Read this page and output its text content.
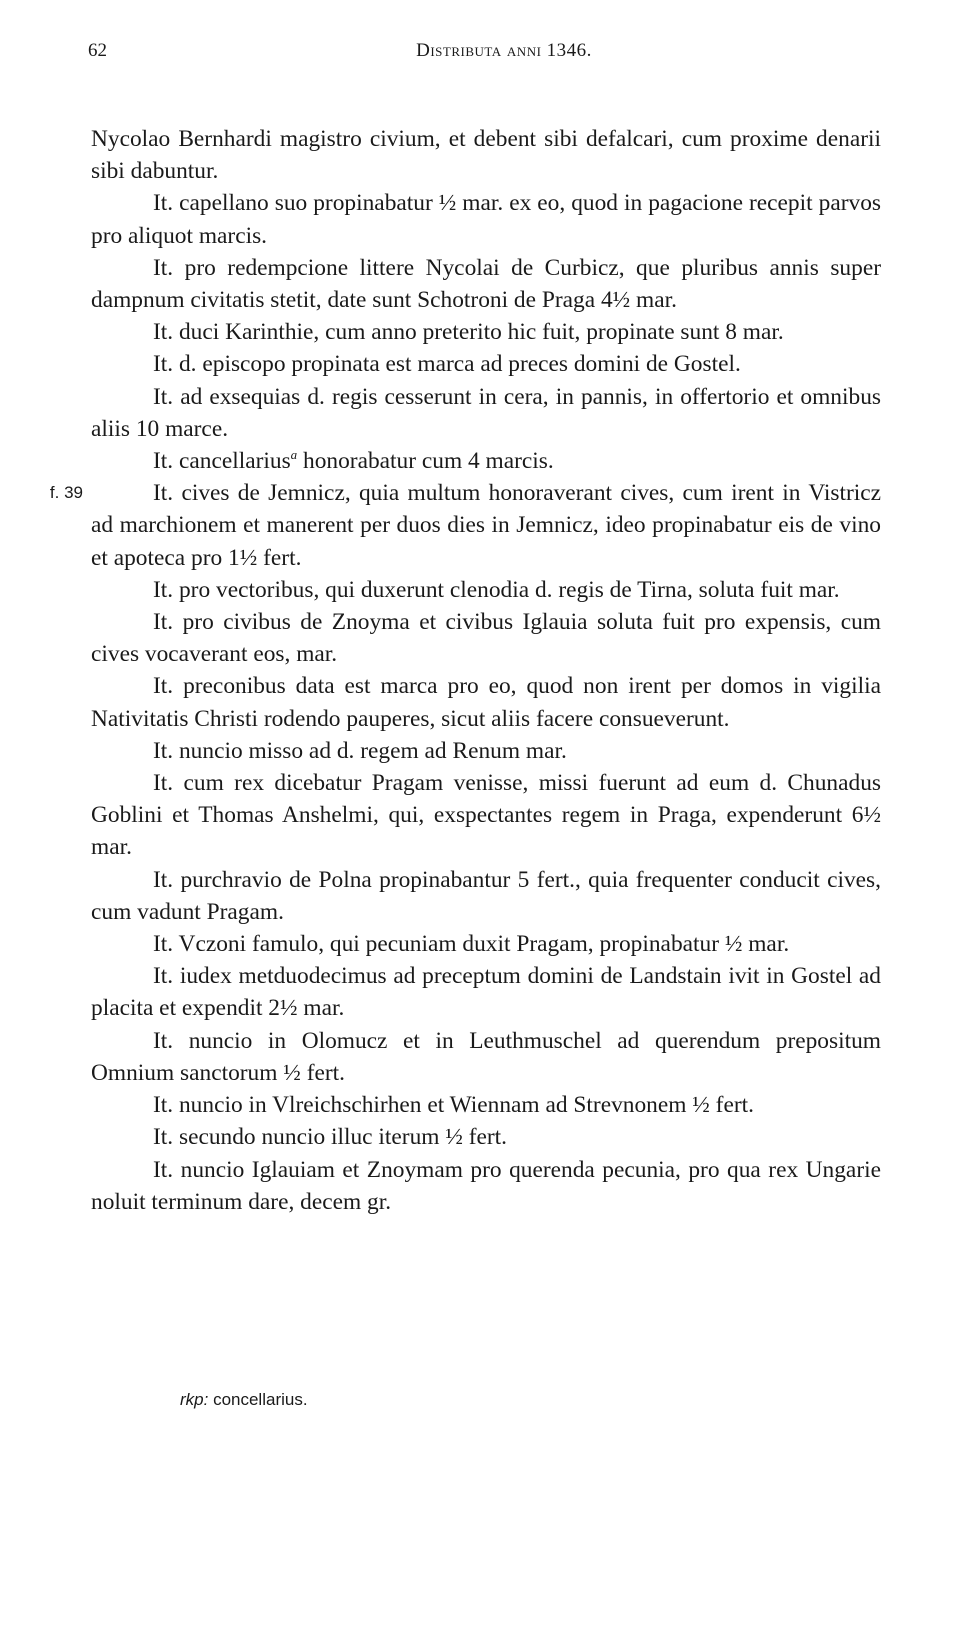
62	Distributa anni 1346.

Nycolao Bernhardi magistro civium, et debent sibi defalcari, cum proxime denarii sibi dabuntur.

It. capellano suo propinabatur ½ mar. ex eo, quod in pagacione recepit parvos pro aliquot marcis.

It. pro redempcione littere Nycolai de Curbicz, que pluribus annis super dampnum civitatis stetit, date sunt Schotroni de Praga 4½ mar.

It. duci Karinthie, cum anno preterito hic fuit, propinate sunt 8 mar.

It. d. episcopo propinata est marca ad preces domini de Gostel.

It. ad exsequias d. regis cesserunt in cera, in pannis, in offertorio et omnibus aliis 10 marce.

It. cancellarius$^a$ honorabatur cum 4 marcis.

f. 39	It. cives de Jemnicz, quia multum honoraverant cives, cum irent in Vistricz ad marchionem et manerent per duos dies in Jemnicz, ideo propinabatur eis de vino et apoteca pro 1½ fert.

It. pro vectoribus, qui duxerunt clenodia d. regis de Tirna, soluta fuit mar.

It. pro civibus de Znoyma et civibus Iglauia soluta fuit pro expensis, cum cives vocaverant eos, mar.

It. preconibus data est marca pro eo, quod non irent per domos in vigilia Nativitatis Christi rodendo pauperes, sicut aliis facere consueverunt.

It. nuncio misso ad d. regem ad Renum mar.

It. cum rex dicebatur Pragam venisse, missi fuerunt ad eum d. Chunadus Goblini et Thomas Anshelmi, qui, exspectantes regem in Praga, expenderunt 6½ mar.

It. purchravio de Polna propinabantur 5 fert., quia frequenter conducit cives, cum vadunt Pragam.

It. Vczoni famulo, qui pecuniam duxit Pragam, propinabatur ½ mar.

It. iudex metduodecimus ad preceptum domini de Landstain ivit in Gostel ad placita et expendit 2½ mar.

It. nuncio in Olomucz et in Leuthmuschel ad querendum prepositum Omnium sanctorum ½ fert.

It. nuncio in Vlreichschirhen et Wiennam ad Strevnonem ½ fert.

It. secundo nuncio illuc iterum ½ fert.

It. nuncio Iglauiam et Znoymam pro querenda pecunia, pro qua rex Ungarie noluit terminum dare, decem gr.

rkp: concellarius.
